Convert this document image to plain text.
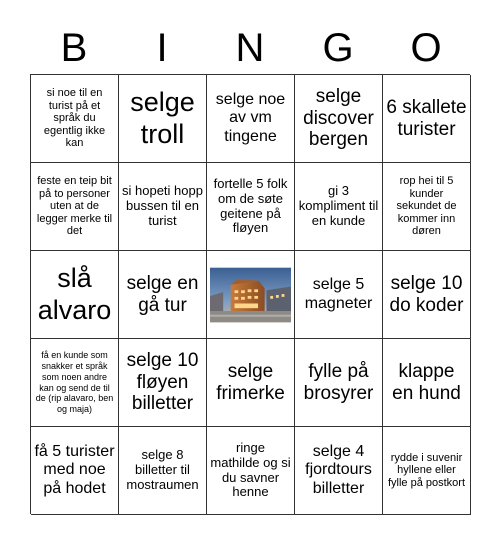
B	I	N	G	O
si noe til en turist på et språk du egentlig ikke kan
selge troll
selge noe av vm tingene
selge discover bergen
6 skallete turister
feste en teip bit på to personer uten at de legger merke til det
si hopeti hopp bussen til en turist
fortelle 5 folk om de søte geitene på fløyen
gi 3 kompliment til en kunde
rop hei til 5 kunder sekundet de kommer inn døren
slå alvaro
selge en gå tur
selge 5 magneter
selge 10 do koder
få en kunde som snakker et språk som noen andre kan og send de til de (rip alavaro, ben og maja)
selge 10 fløyen billetter
selge frimerke
fylle på brosyrer
klappe en hund
få 5 turister med noe på hodet
selge 8 billetter til mostraumen
ringe mathilde og si du savner henne
selge 4 fjordtours billetter
rydde i suvenir hyllene eller fylle på postkort
